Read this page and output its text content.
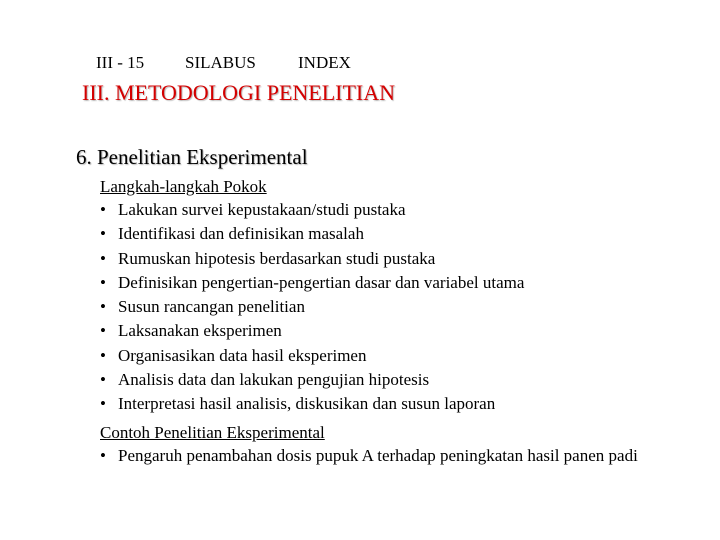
III - 15 SILABUS INDEX
III. METODOLOGI PENELITIAN
6. Penelitian Eksperimental
Langkah-langkah Pokok
• Lakukan survei kepustakaan/studi pustaka
• Identifikasi dan definisikan masalah
• Rumuskan hipotesis berdasarkan studi pustaka
• Definisikan pengertian-pengertian dasar dan variabel utama
• Susun rancangan penelitian
• Laksanakan eksperimen
• Organisasikan data hasil eksperimen
• Analisis data dan lakukan pengujian hipotesis
• Interpretasi hasil analisis, diskusikan dan susun laporan
Contoh Penelitian Eksperimental
• Pengaruh penambahan dosis pupuk A terhadap peningkatan hasil panen padi
